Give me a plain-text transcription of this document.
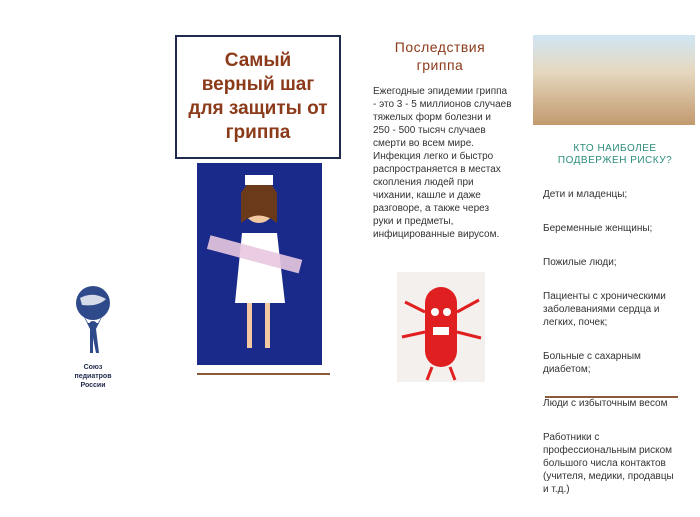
Союз
педиатров
России
Самый
верный шаг
для защиты от
гриппа
Последствия
гриппа
Ежегодные эпидемии гриппа
- это 3 - 5 миллионов случаев
тяжелых форм болезни и
250 - 500 тысяч случаев
смерти во всем мире.
Инфекция легко и быстро
распространяется в местах
скопления людей при
чихании, кашле и даже
разговоре, а также через
руки и предметы,
инфицированные вирусом.
КТО НАИБОЛЕЕ
ПОДВЕРЖЕН РИСКУ?

Дети и младенцы;

Беременные женщины;

Пожилые люди;

Пациенты с хроническими
заболеваниями сердца и
легких, почек;

Больные с сахарным
диабетом;

Люди с избыточным весом

Работники с
профессиональным риском
большого числа контактов
(учителя, медики, продавцы
и т.д.)
